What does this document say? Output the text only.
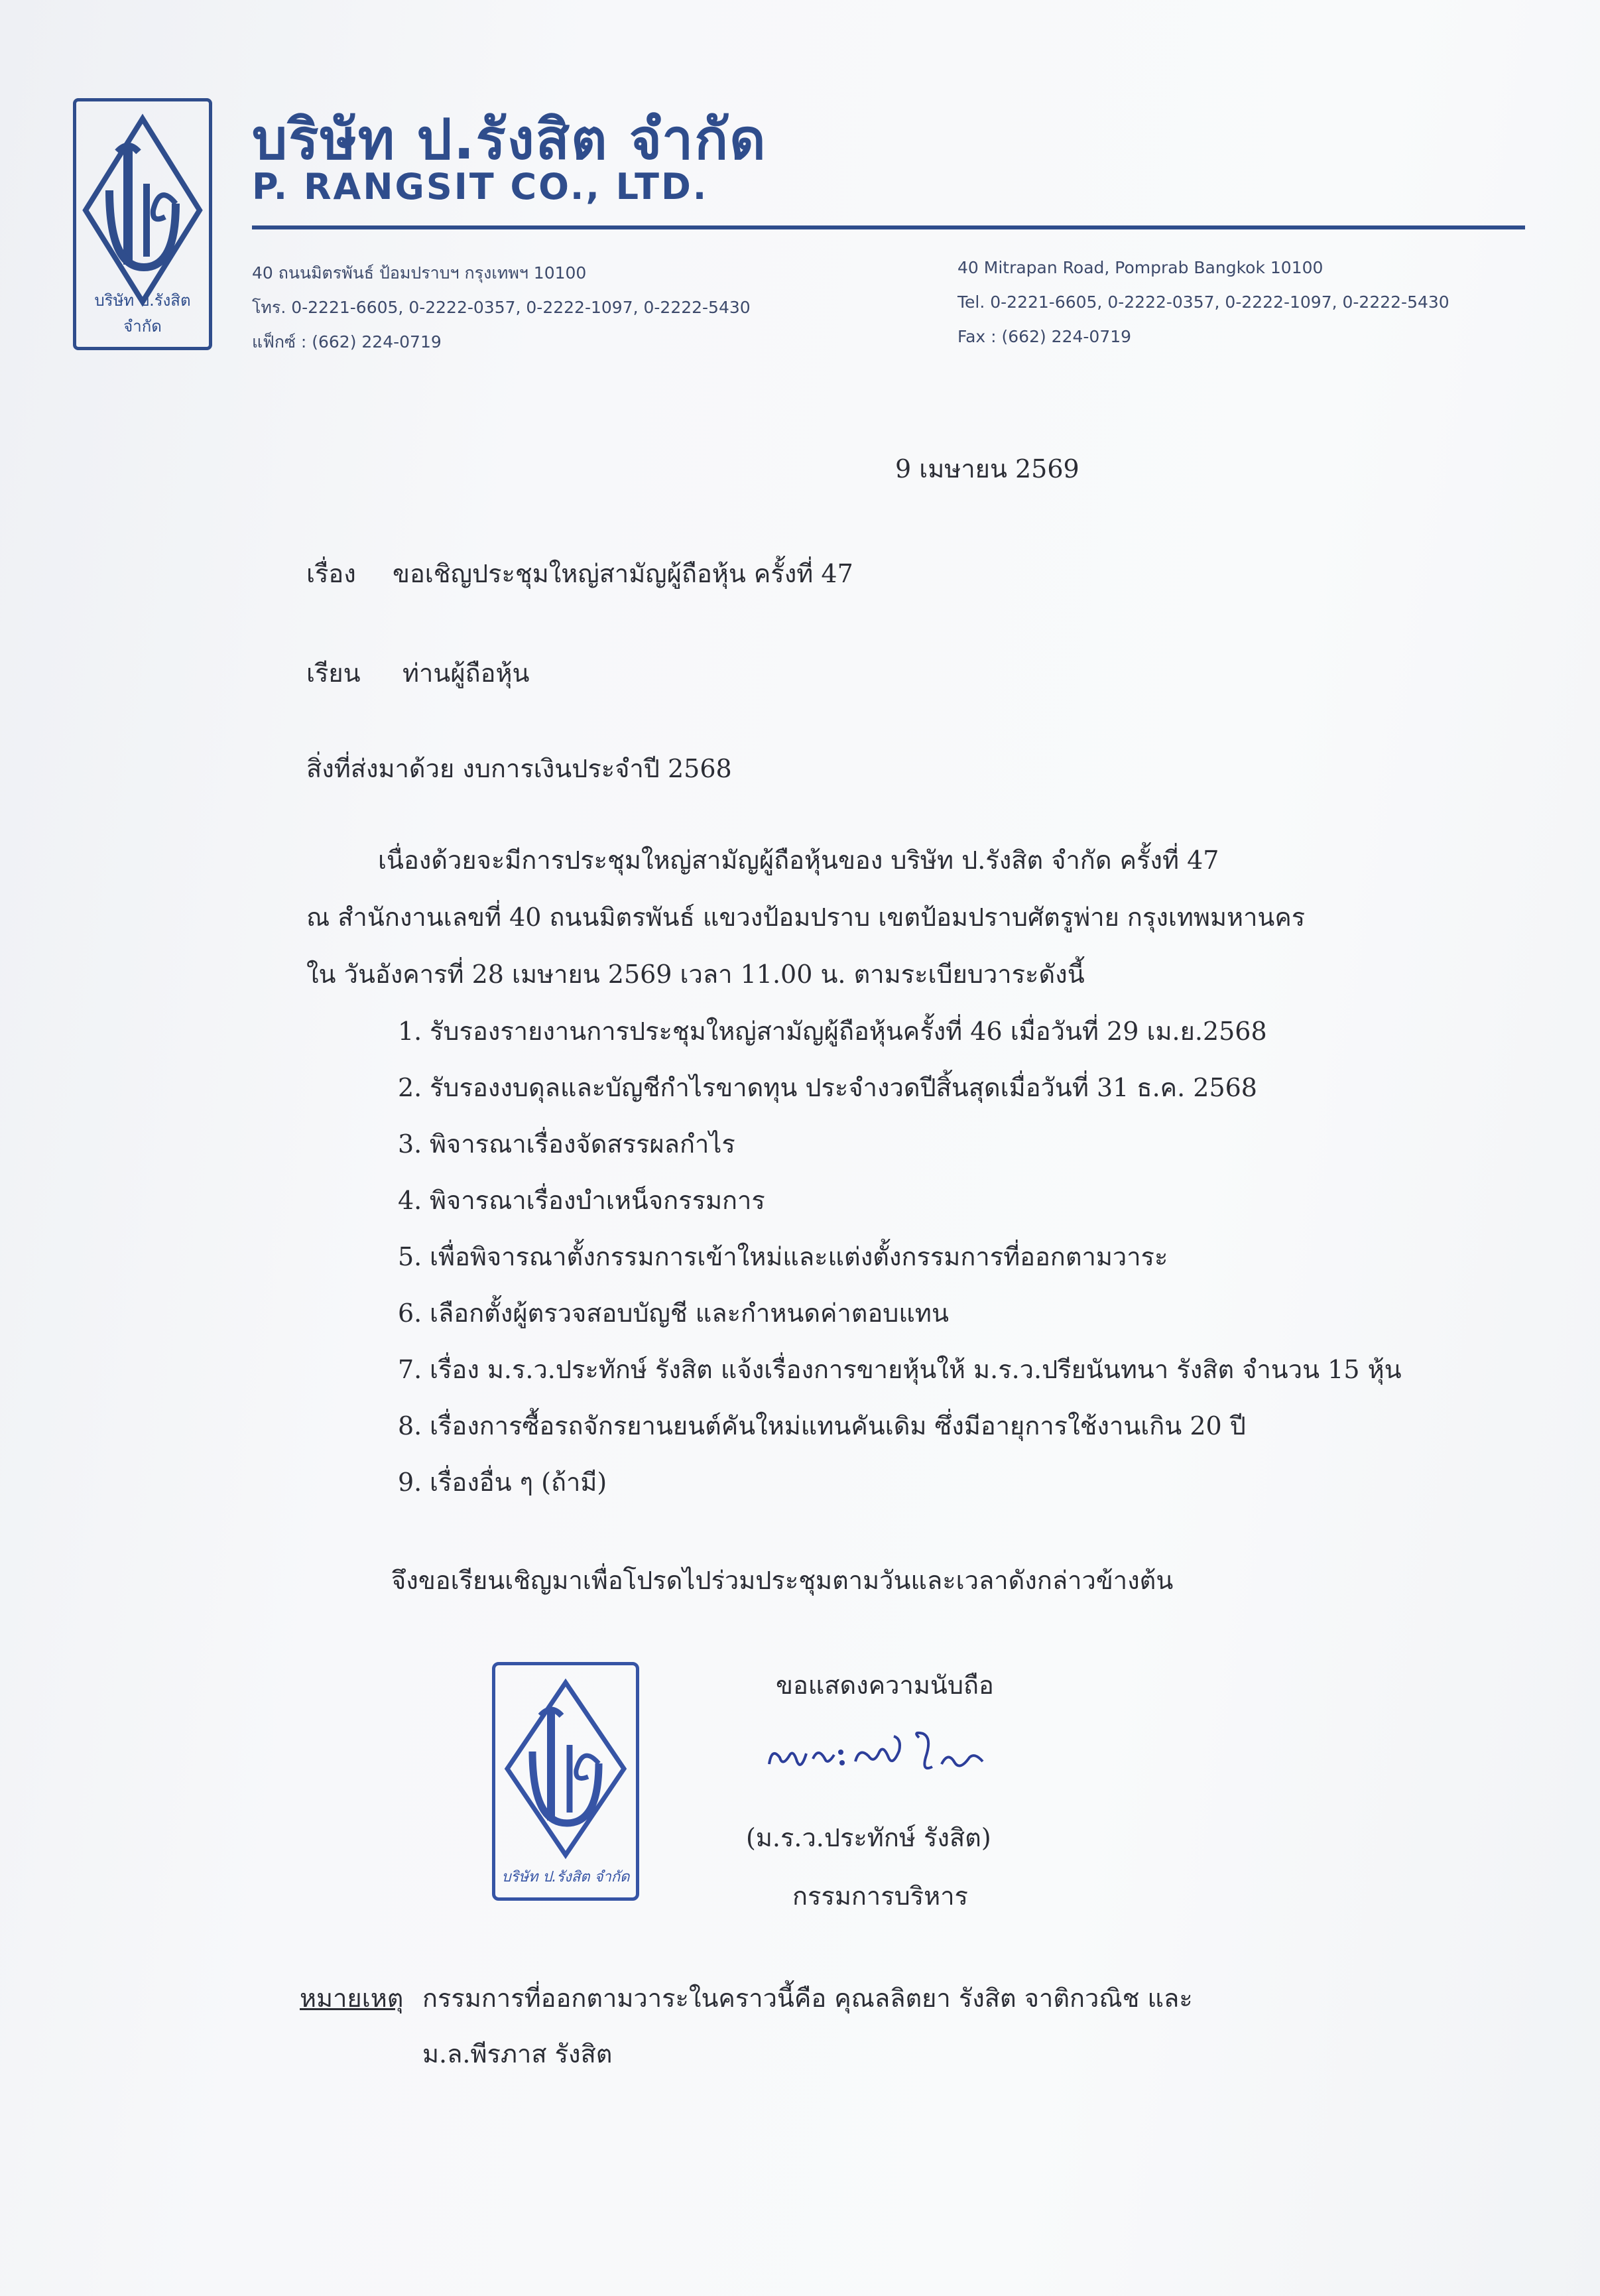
บริษัท ป.รังสิต จำกัด
บริษัท ป.รังสิต จำกัด
P. RANGSIT CO., LTD.
40 ถนนมิตรพันธ์ ป้อมปราบฯ กรุงเทพฯ 10100
โทร. 0-2221-6605, 0-2222-0357, 0-2222-1097, 0-2222-5430
แฟ็กซ์ : (662) 224-0719
40 Mitrapan Road, Pomprab Bangkok 10100
Tel. 0-2221-6605, 0-2222-0357, 0-2222-1097, 0-2222-5430
Fax : (662) 224-0719
9 เมษายน 2569
เรื่อง ขอเชิญประชุมใหญ่สามัญผู้ถือหุ้น ครั้งที่ 47
เรียน ท่านผู้ถือหุ้น
สิ่งที่ส่งมาด้วย งบการเงินประจำปี 2568
เนื่องด้วยจะมีการประชุมใหญ่สามัญผู้ถือหุ้นของ บริษัท ป.รังสิต จำกัด ครั้งที่ 47
ณ สำนักงานเลขที่ 40 ถนนมิตรพันธ์ แขวงป้อมปราบ เขตป้อมปราบศัตรูพ่าย กรุงเทพมหานคร
ใน วันอังคารที่ 28 เมษายน 2569 เวลา 11.00 น. ตามระเบียบวาระดังนี้
1. รับรองรายงานการประชุมใหญ่สามัญผู้ถือหุ้นครั้งที่ 46 เมื่อวันที่ 29 เม.ย.2568
2. รับรองงบดุลและบัญชีกำไรขาดทุน ประจำงวดปีสิ้นสุดเมื่อวันที่ 31 ธ.ค. 2568
3. พิจารณาเรื่องจัดสรรผลกำไร
4. พิจารณาเรื่องบำเหน็จกรรมการ
5. เพื่อพิจารณาตั้งกรรมการเข้าใหม่และแต่งตั้งกรรมการที่ออกตามวาระ
6. เลือกตั้งผู้ตรวจสอบบัญชี และกำหนดค่าตอบแทน
7. เรื่อง ม.ร.ว.ประทักษ์ รังสิต แจ้งเรื่องการขายหุ้นให้ ม.ร.ว.ปรียนันทนา รังสิต จำนวน 15 หุ้น
8. เรื่องการซื้อรถจักรยานยนต์คันใหม่แทนคันเดิม ซึ่งมีอายุการใช้งานเกิน 20 ปี
9. เรื่องอื่น ๆ (ถ้ามี)
จึงขอเรียนเชิญมาเพื่อโปรดไปร่วมประชุมตามวันและเวลาดังกล่าวข้างต้น
บริษัท ป.รังสิต จำกัด
ขอแสดงความนับถือ
(ม.ร.ว.ประทักษ์ รังสิต)
กรรมการบริหาร
หมายเหตุ กรรมการที่ออกตามวาระในคราวนี้คือ คุณลลิตยา รังสิต จาติกวณิช และ
ม.ล.พีรภาส รังสิต
